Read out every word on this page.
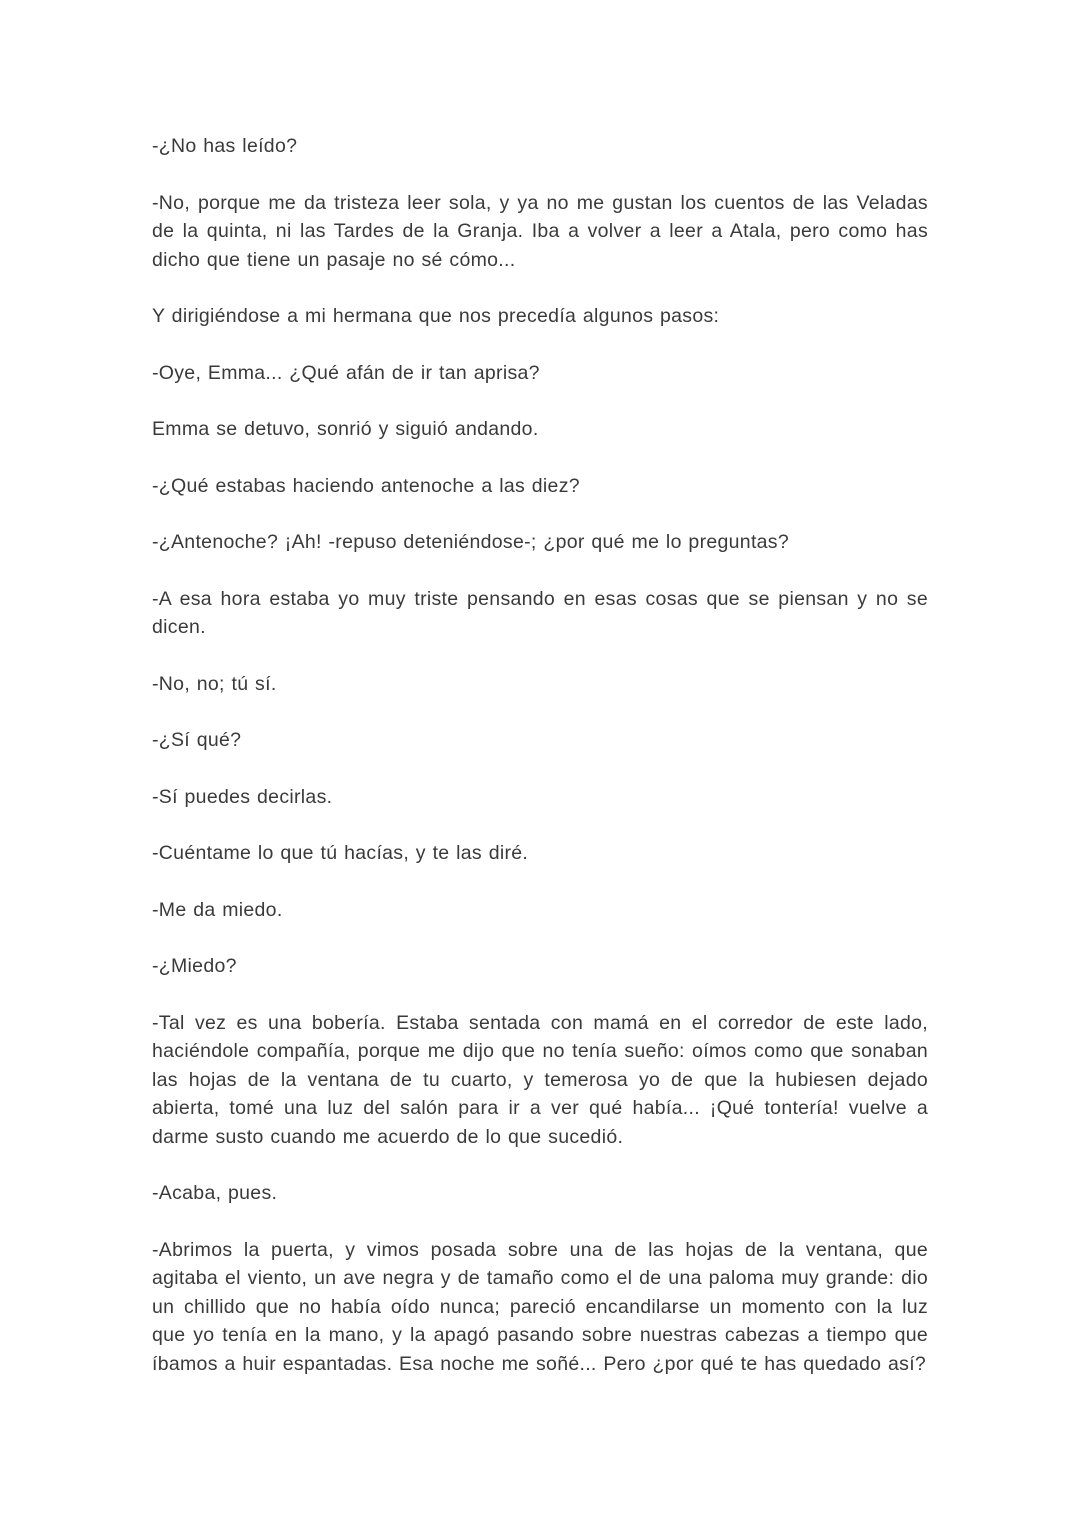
-¿No has leído?

-No, porque me da tristeza leer sola, y ya no me gustan los cuentos de las Veladas de la quinta, ni las Tardes de la Granja. Iba a volver a leer a Atala, pero como has dicho que tiene un pasaje no sé cómo...

Y dirigiéndose a mi hermana que nos precedía algunos pasos:

-Oye, Emma... ¿Qué afán de ir tan aprisa?

Emma se detuvo, sonrió y siguió andando.

-¿Qué estabas haciendo antenoche a las diez?

-¿Antenoche? ¡Ah! -repuso deteniéndose-; ¿por qué me lo preguntas?

-A esa hora estaba yo muy triste pensando en esas cosas que se piensan y no se dicen.

-No, no; tú sí.

-¿Sí qué?

-Sí puedes decirlas.

-Cuéntame lo que tú hacías, y te las diré.

-Me da miedo.

-¿Miedo?

-Tal vez es una bobería. Estaba sentada con mamá en el corredor de este lado, haciéndole compañía, porque me dijo que no tenía sueño: oímos como que sonaban las hojas de la ventana de tu cuarto, y temerosa yo de que la hubiesen dejado abierta, tomé una luz del salón para ir a ver qué había... ¡Qué tontería! vuelve a darme susto cuando me acuerdo de lo que sucedió.

-Acaba, pues.

-Abrimos la puerta, y vimos posada sobre una de las hojas de la ventana, que agitaba el viento, un ave negra y de tamaño como el de una paloma muy grande: dio un chillido que no había oído nunca; pareció encandilarse un momento con la luz que yo tenía en la mano, y la apagó pasando sobre nuestras cabezas a tiempo que íbamos a huir espantadas. Esa noche me soñé... Pero ¿por qué te has quedado así?
